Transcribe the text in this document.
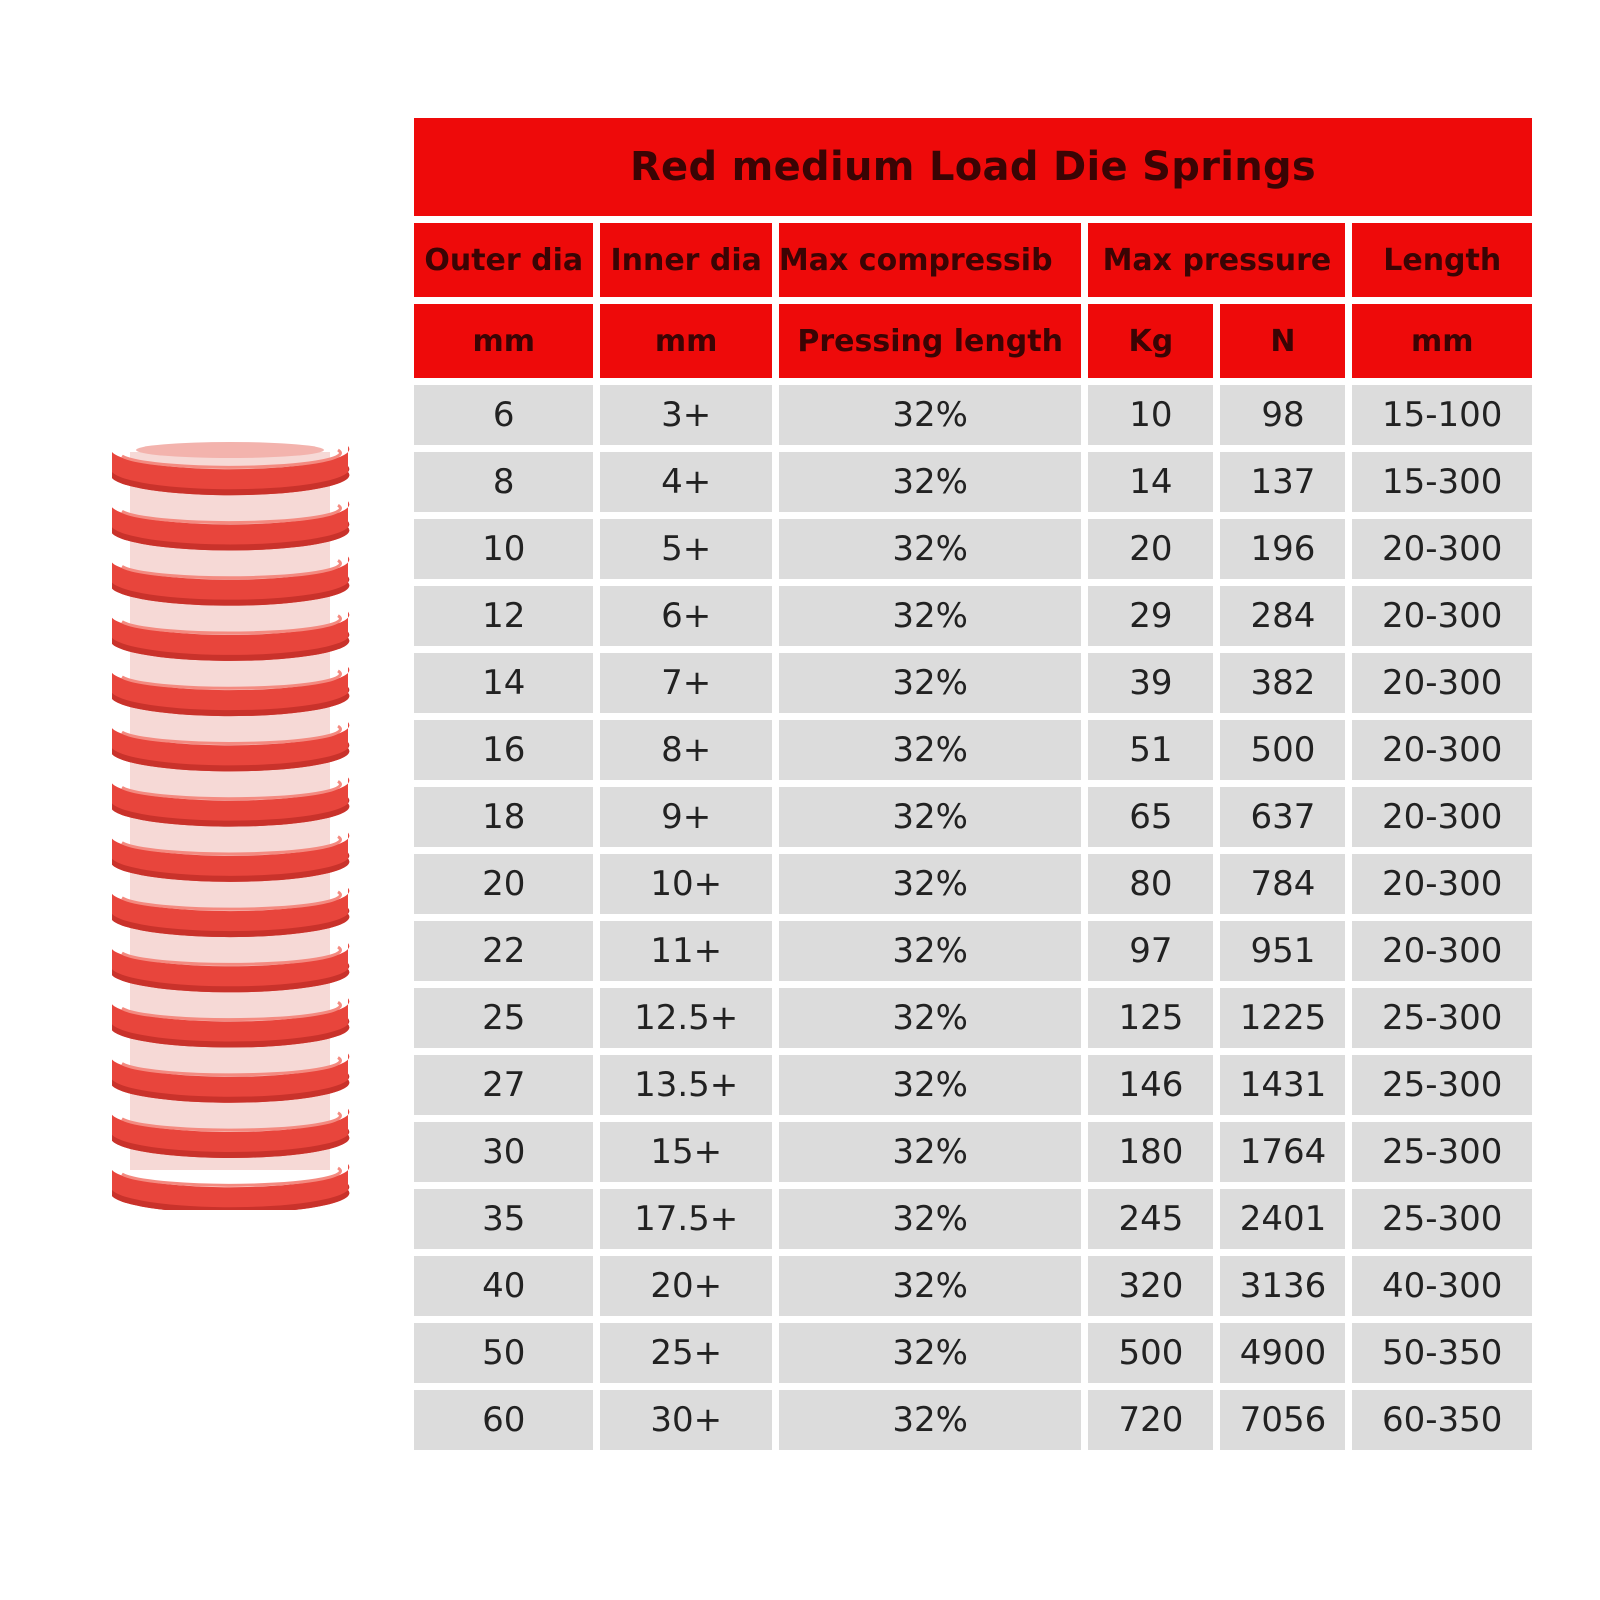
Red medium Load Die Springs					
Outer dia	Inner dia	Max compressib	Max pressure		Length
mm	mm	Pressing length	Kg	N	mm
6	3+	32%	10	98	15-100
8	4+	32%	14	137	15-300
10	5+	32%	20	196	20-300
12	6+	32%	29	284	20-300
14	7+	32%	39	382	20-300
16	8+	32%	51	500	20-300
18	9+	32%	65	637	20-300
20	10+	32%	80	784	20-300
22	11+	32%	97	951	20-300
25	12.5+	32%	125	1225	25-300
27	13.5+	32%	146	1431	25-300
30	15+	32%	180	1764	25-300
35	17.5+	32%	245	2401	25-300
40	20+	32%	320	3136	40-300
50	25+	32%	500	4900	50-350
60	30+	32%	720	7056	60-350
